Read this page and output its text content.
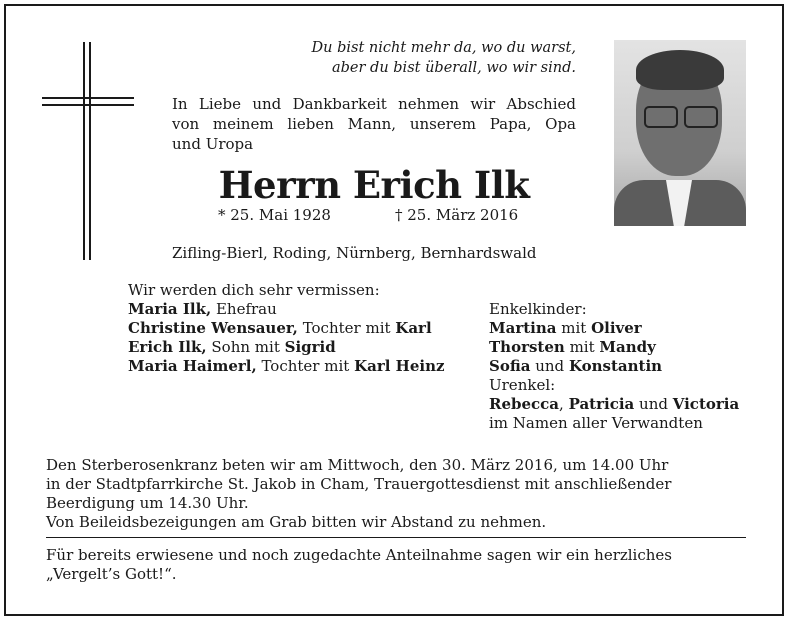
Du bist nicht mehr da, wo du warst,
aber du bist überall, wo wir sind.
In Liebe und Dankbarkeit nehmen wir Abschied
von meinem lieben Mann, unserem Papa, Opa
und Uropa
Herrn Erich Ilk
* 25. Mai 1928	† 25. März 2016
Zifling-Bierl, Roding, Nürnberg, Bernhardswald
Wir werden dich sehr vermissen:
Maria Ilk, Ehefrau
Christine Wensauer, Tochter mit Karl
Erich Ilk, Sohn mit Sigrid
Maria Haimerl, Tochter mit Karl Heinz
Enkelkinder:
Martina mit Oliver
Thorsten mit Mandy
Sofia und Konstantin
Urenkel:
Rebecca, Patricia und Victoria
im Namen aller Verwandten
Den Sterberosenkranz beten wir am Mittwoch, den 30. März 2016, um 14.00 Uhr
in der Stadtpfarrkirche St. Jakob in Cham, Trauergottesdienst mit anschließender
Beerdigung um 14.30 Uhr.
Von Beileidsbezeigungen am Grab bitten wir Abstand zu nehmen.
Für bereits erwiesene und noch zugedachte Anteilnahme sagen wir ein herzliches
„Vergelt’s Gott!“.
